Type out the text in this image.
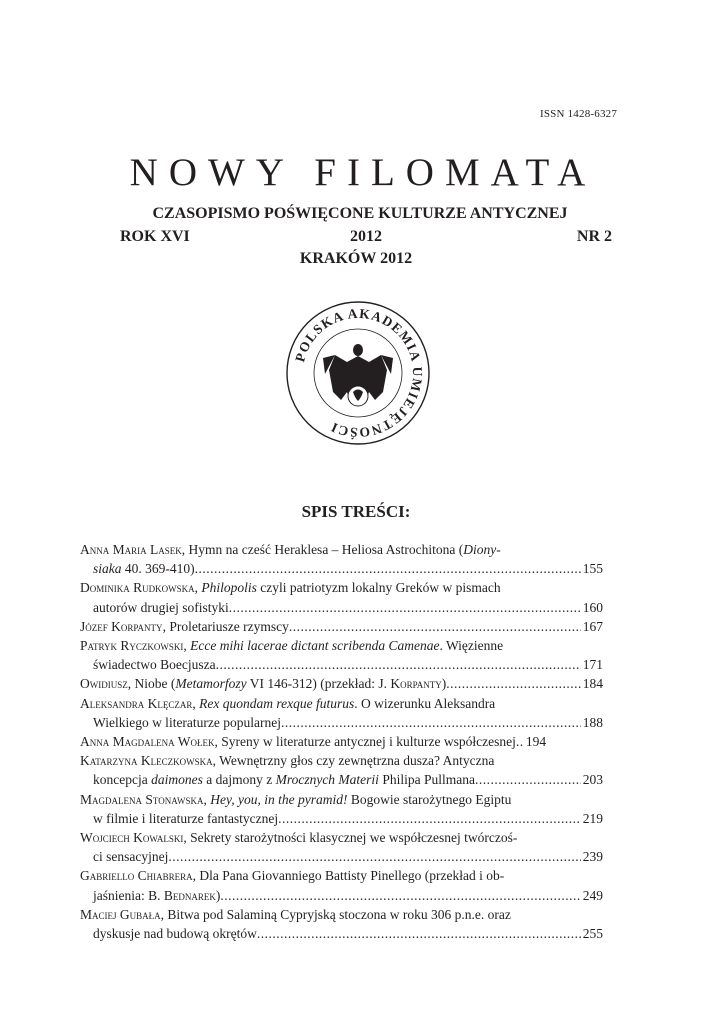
ISSN 1428-6327
NOWY FILOMATA
CZASOPISMO POŚWIĘCONE KULTURZE ANTYCZNEJ
2012
ROK XVI	NR 2
KRAKÓW 2012
POLSKA AKADEMIA UMIEJĘTNOŚCI
SPIS TREŚCI:
Anna Maria Lasek, Hymn na cześć Heraklesa – Heliosa Astrochitona (Diony-
siaka 40. 369-410) .....	155
Dominika Rudkowska, Philopolis czyli patriotyzm lokalny Greków w pismach
autorów drugiej sofistyki .....	160
Józef Korpanty, Proletariusze rzymscy .....	167
Patryk Ryczkowski, Ecce mihi lacerae dictant scribenda Camenae. Więzienne
świadectwo Boecjusza .....	171
Owidiusz, Niobe (Metamorfozy VI 146-312) (przekład: J. Korpanty) .....	184
Aleksandra Klęczar, Rex quondam rexque futurus. O wizerunku Aleksandra
Wielkiego w literaturze popularnej .....	188
Anna Magdalena Wołek, Syreny w literaturze antycznej i kulturze współczesnej ..... 194
Katarzyna Kleczkowska, Wewnętrzny głos czy zewnętrzna dusza? Antyczna
koncepcja daimones a dajmony z Mrocznych Materii Philipa Pullmana .....	203
Magdalena Stonawska, Hey, you, in the pyramid! Bogowie starożytnego Egiptu
w filmie i literaturze fantastycznej .....	219
Wojciech Kowalski, Sekrety starożytności klasycznej we współczesnej twórczoś-
ci sensacyjnej .....	239
Gabriello Chiabrera, Dla Pana Giovanniego Battisty Pinellego (przekład i ob-
jaśnienia: B. Bednarek) .....	249
Maciej Gubała, Bitwa pod Salaminą Cypryjską stoczona w roku 306 p.n.e. oraz
dyskusje nad budową okrętów .....	255
